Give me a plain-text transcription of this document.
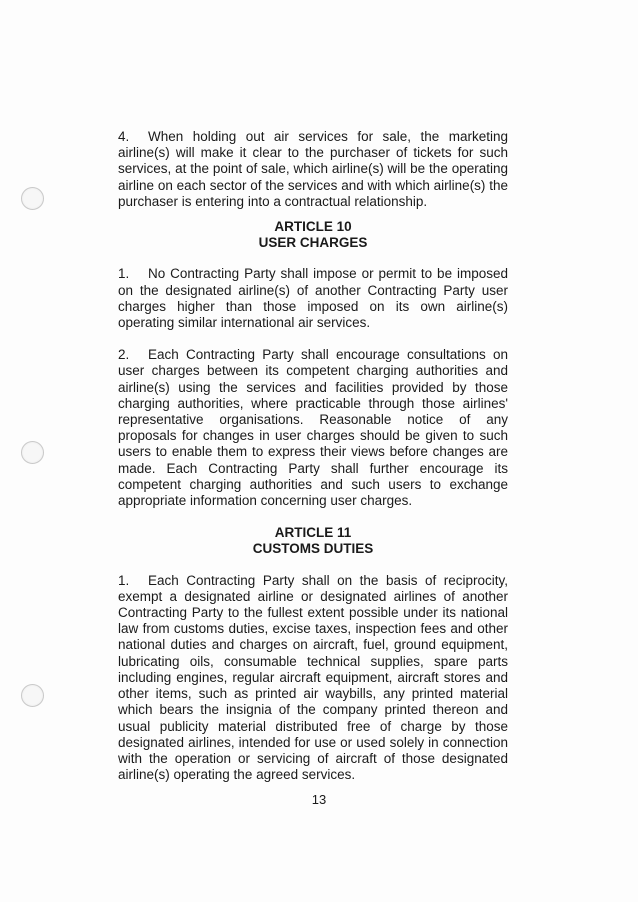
4. When holding out air services for sale, the marketing airline(s) will make it clear to the purchaser of tickets for such services, at the point of sale, which airline(s) will be the operating airline on each sector of the services and with which airline(s) the purchaser is entering into a contractual relationship.

ARTICLE 10

USER CHARGES

1. No Contracting Party shall impose or permit to be imposed on the designated airline(s) of another Contracting Party user charges higher than those imposed on its own airline(s) operating similar international air services.

2. Each Contracting Party shall encourage consultations on user charges between its competent charging authorities and airline(s) using the services and facilities provided by those charging authorities, where practicable through those airlines' representative organisations. Reasonable notice of any proposals for changes in user charges should be given to such users to enable them to express their views before changes are made. Each Contracting Party shall further encourage its competent charging authorities and such users to exchange appropriate information concerning user charges.

ARTICLE 11

CUSTOMS DUTIES

1. Each Contracting Party shall on the basis of reciprocity, exempt a designated airline or designated airlines of another Contracting Party to the fullest extent possible under its national law from customs duties, excise taxes, inspection fees and other national duties and charges on aircraft, fuel, ground equipment, lubricating oils, consumable technical supplies, spare parts including engines, regular aircraft equipment, aircraft stores and other items, such as printed air waybills, any printed material which bears the insignia of the company printed thereon and usual publicity material distributed free of charge by those designated airlines, intended for use or used solely in connection with the operation or servicing of aircraft of those designated airline(s) operating the agreed services.

13
